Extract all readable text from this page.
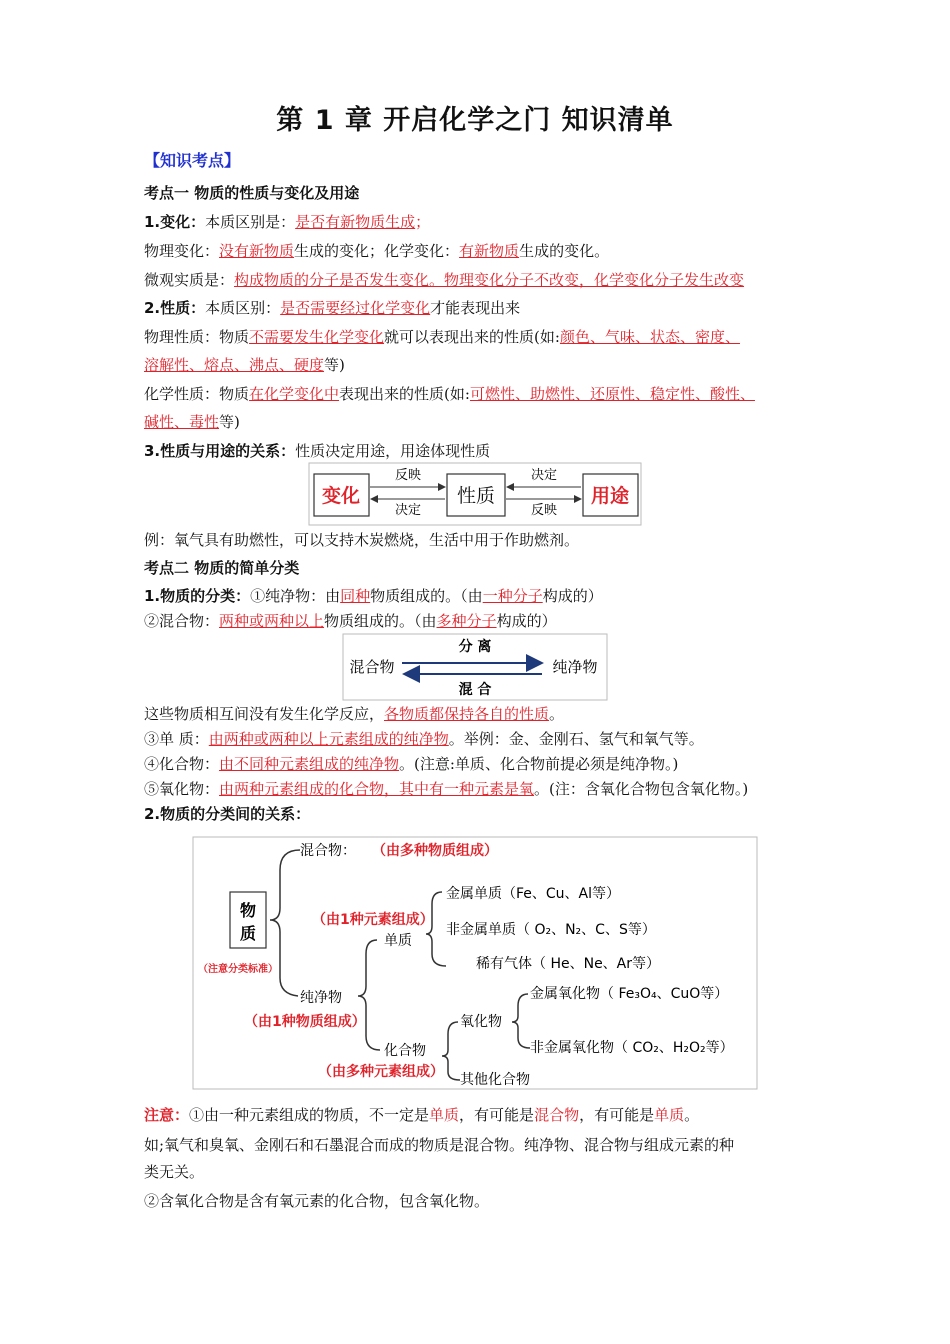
第 1 章 开启化学之门 知识清单
【知识考点】
考点一 物质的性质与变化及用途
1.变化：本质区别是：是否有新物质生成；
物理变化：没有新物质生成的变化；化学变化：有新物质生成的变化。
微观实质是：构成物质的分子是否发生变化。物理变化分子不改变，化学变化分子发生改变
2.性质：本质区别：是否需要经过化学变化才能表现出来
物理性质：物质不需要发生化学变化就可以表现出来的性质(如:颜色、气味、状态、密度、
溶解性、熔点、沸点、硬度等)
化学性质：物质在化学变化中表现出来的性质(如:可燃性、助燃性、还原性、稳定性、酸性、
碱性、毒性等)
3.性质与用途的关系：性质决定用途，用途体现性质
变化	性质	用途
反映
决定
决定
反映
例：氧气具有助燃性，可以支持木炭燃烧，生活中用于作助燃剂。
考点二 物质的简单分类
1.物质的分类：①纯净物：由同种物质组成的。（由一种分子构成的）
②混合物：两种或两种以上物质组成的。（由多种分子构成的）
混合物	纯净物
分 离
混 合
这些物质相互间没有发生化学反应，各物质都保持各自的性质。
③单 质：由两种或两种以上元素组成的纯净物。举例：金、金刚石、氢气和氧气等。
④化合物：由不同种元素组成的纯净物。(注意:单质、化合物前提必须是纯净物。)
⑤氧化物：由两种元素组成的化合物，其中有一种元素是氧。(注：含氧化合物包含氧化物。)
2.物质的分类间的关系：
物
质
（注意分类标准）
混合物： （由多种物质组成）
纯净物
（由1种物质组成）
（由1种元素组成）
单质
化合物
（由多种元素组成）
金属单质（Fe、Cu、Al等）
非金属单质（ O₂、N₂、C、S等）
稀有气体（ He、Ne、Ar等）
氧化物
其他化合物
金属氧化物（ Fe₃O₄、CuO等）
非金属氧化物（ CO₂、H₂O₂等）
注意：①由一种元素组成的物质，不一定是单质，有可能是混合物，有可能是单质。
如;氧气和臭氧、金刚石和石墨混合而成的物质是混合物。纯净物、混合物与组成元素的种
类无关。
②含氧化合物是含有氧元素的化合物，包含氧化物。
